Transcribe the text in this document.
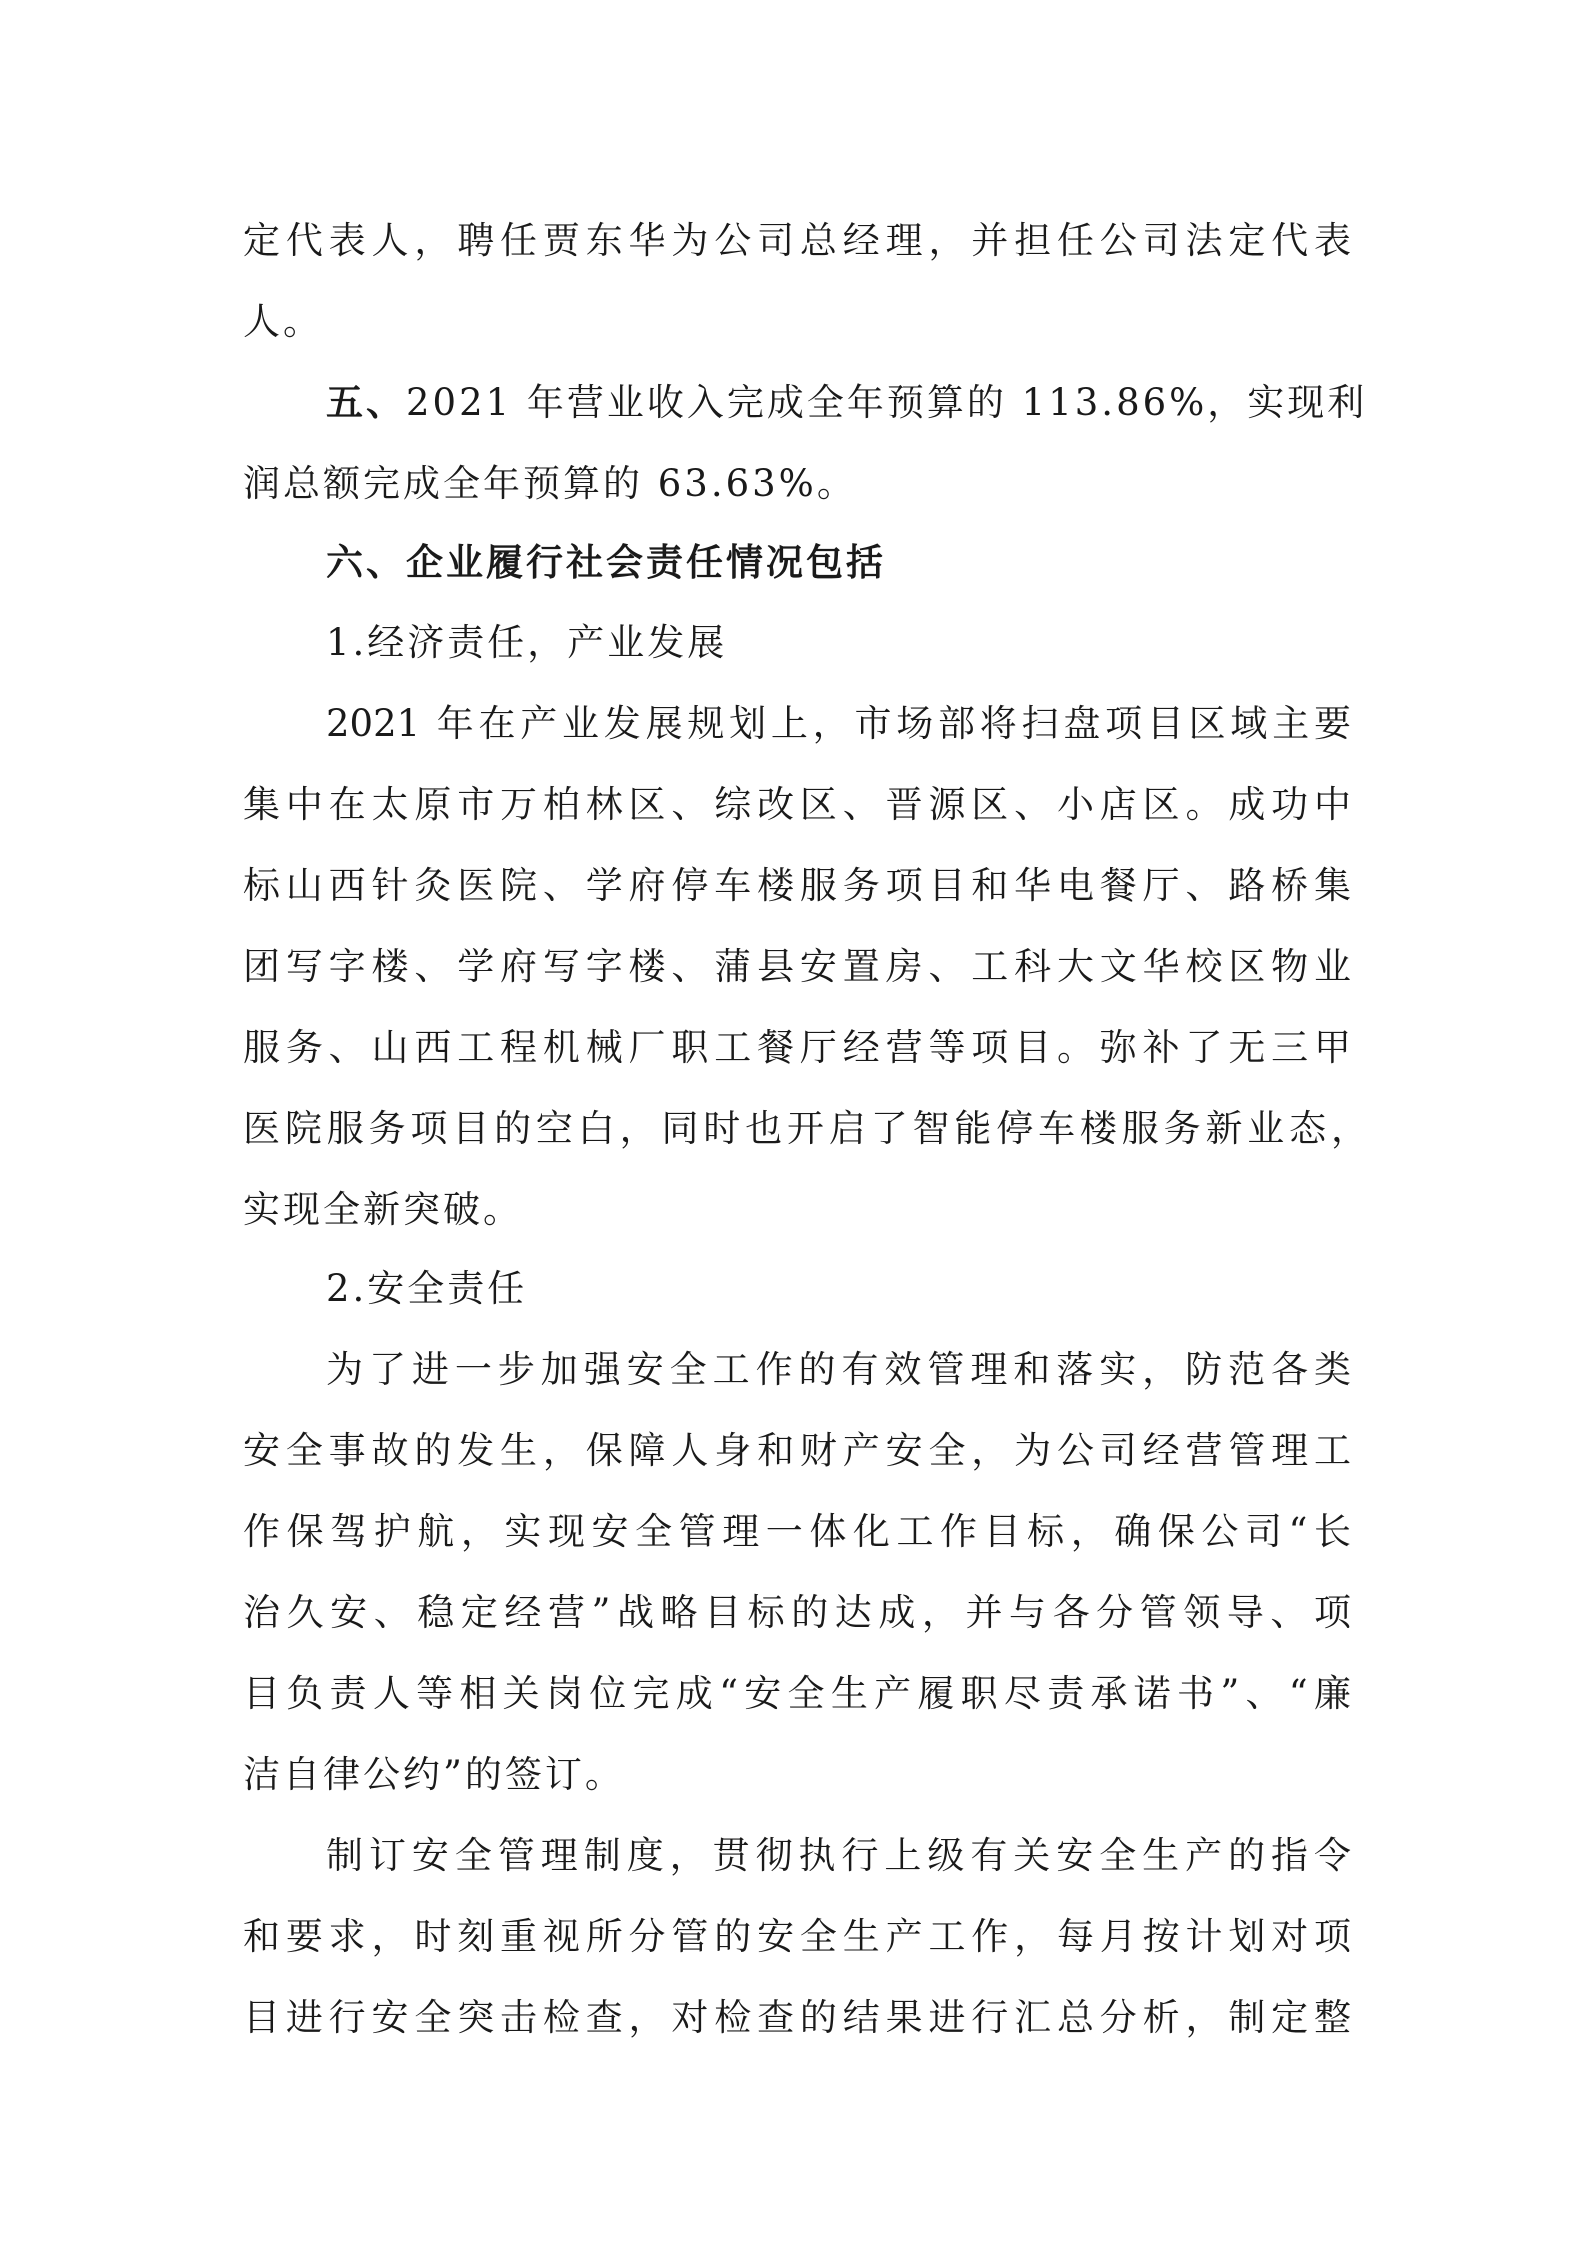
定代表人，聘任贾东华为公司总经理，并担任公司法定代表
人。
五、2021 年营业收入完成全年预算的 113.86%，实现利
润总额完成全年预算的 63.63%。
六、企业履行社会责任情况包括
1.经济责任，产业发展
2021 年在产业发展规划上，市场部将扫盘项目区域主要
集中在太原市万柏林区、综改区、晋源区、小店区。成功中
标山西针灸医院、学府停车楼服务项目和华电餐厅、路桥集
团写字楼、学府写字楼、蒲县安置房、工科大文华校区物业
服务、山西工程机械厂职工餐厅经营等项目。弥补了无三甲
医院服务项目的空白，同时也开启了智能停车楼服务新业态，
实现全新突破。
2.安全责任
为了进一步加强安全工作的有效管理和落实，防范各类
安全事故的发生，保障人身和财产安全，为公司经营管理工
作保驾护航，实现安全管理一体化工作目标，确保公司“长
治久安、稳定经营”战略目标的达成，并与各分管领导、项
目负责人等相关岗位完成“安全生产履职尽责承诺书”、“廉
洁自律公约”的签订。
制订安全管理制度，贯彻执行上级有关安全生产的指令
和要求，时刻重视所分管的安全生产工作，每月按计划对项
目进行安全突击检查，对检查的结果进行汇总分析，制定整
